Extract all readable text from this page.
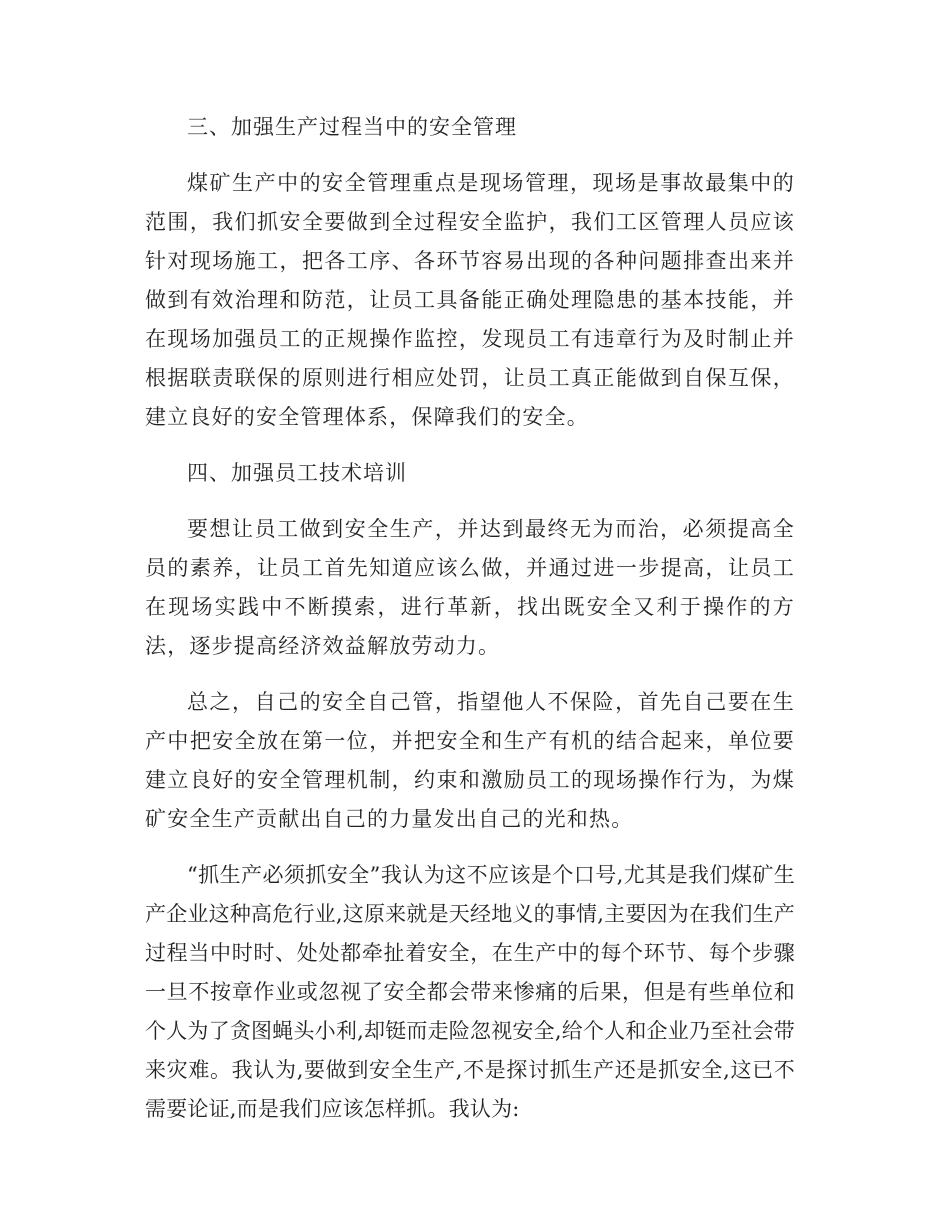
三、加强生产过程当中的安全管理

煤矿生产中的安全管理重点是现场管理，现场是事故最集中的范围，我们抓安全要做到全过程安全监护，我们工区管理人员应该针对现场施工，把各工序、各环节容易出现的各种问题排查出来并做到有效治理和防范，让员工具备能正确处理隐患的基本技能，并在现场加强员工的正规操作监控，发现员工有违章行为及时制止并根据联责联保的原则进行相应处罚，让员工真正能做到自保互保，建立良好的安全管理体系，保障我们的安全。

四、加强员工技术培训

要想让员工做到安全生产，并达到最终无为而治，必须提高全员的素养，让员工首先知道应该么做，并通过进一步提高，让员工在现场实践中不断摸索，进行革新，找出既安全又利于操作的方法，逐步提高经济效益解放劳动力。

总之，自己的安全自己管，指望他人不保险，首先自己要在生产中把安全放在第一位，并把安全和生产有机的结合起来，单位要建立良好的安全管理机制，约束和激励员工的现场操作行为，为煤矿安全生产贡献出自己的力量发出自己的光和热。

“抓生产必须抓安全”我认为这不应该是个口号,尤其是我们煤矿生产企业这种高危行业,这原来就是天经地义的事情,主要因为在我们生产过程当中时时、处处都牵扯着安全，在生产中的每个环节、每个步骤一旦不按章作业或忽视了安全都会带来惨痛的后果，但是有些单位和个人为了贪图蝇头小利,却铤而走险忽视安全,给个人和企业乃至社会带来灾难。我认为,要做到安全生产,不是探讨抓生产还是抓安全,这已不需要论证,而是我们应该怎样抓。我认为:
